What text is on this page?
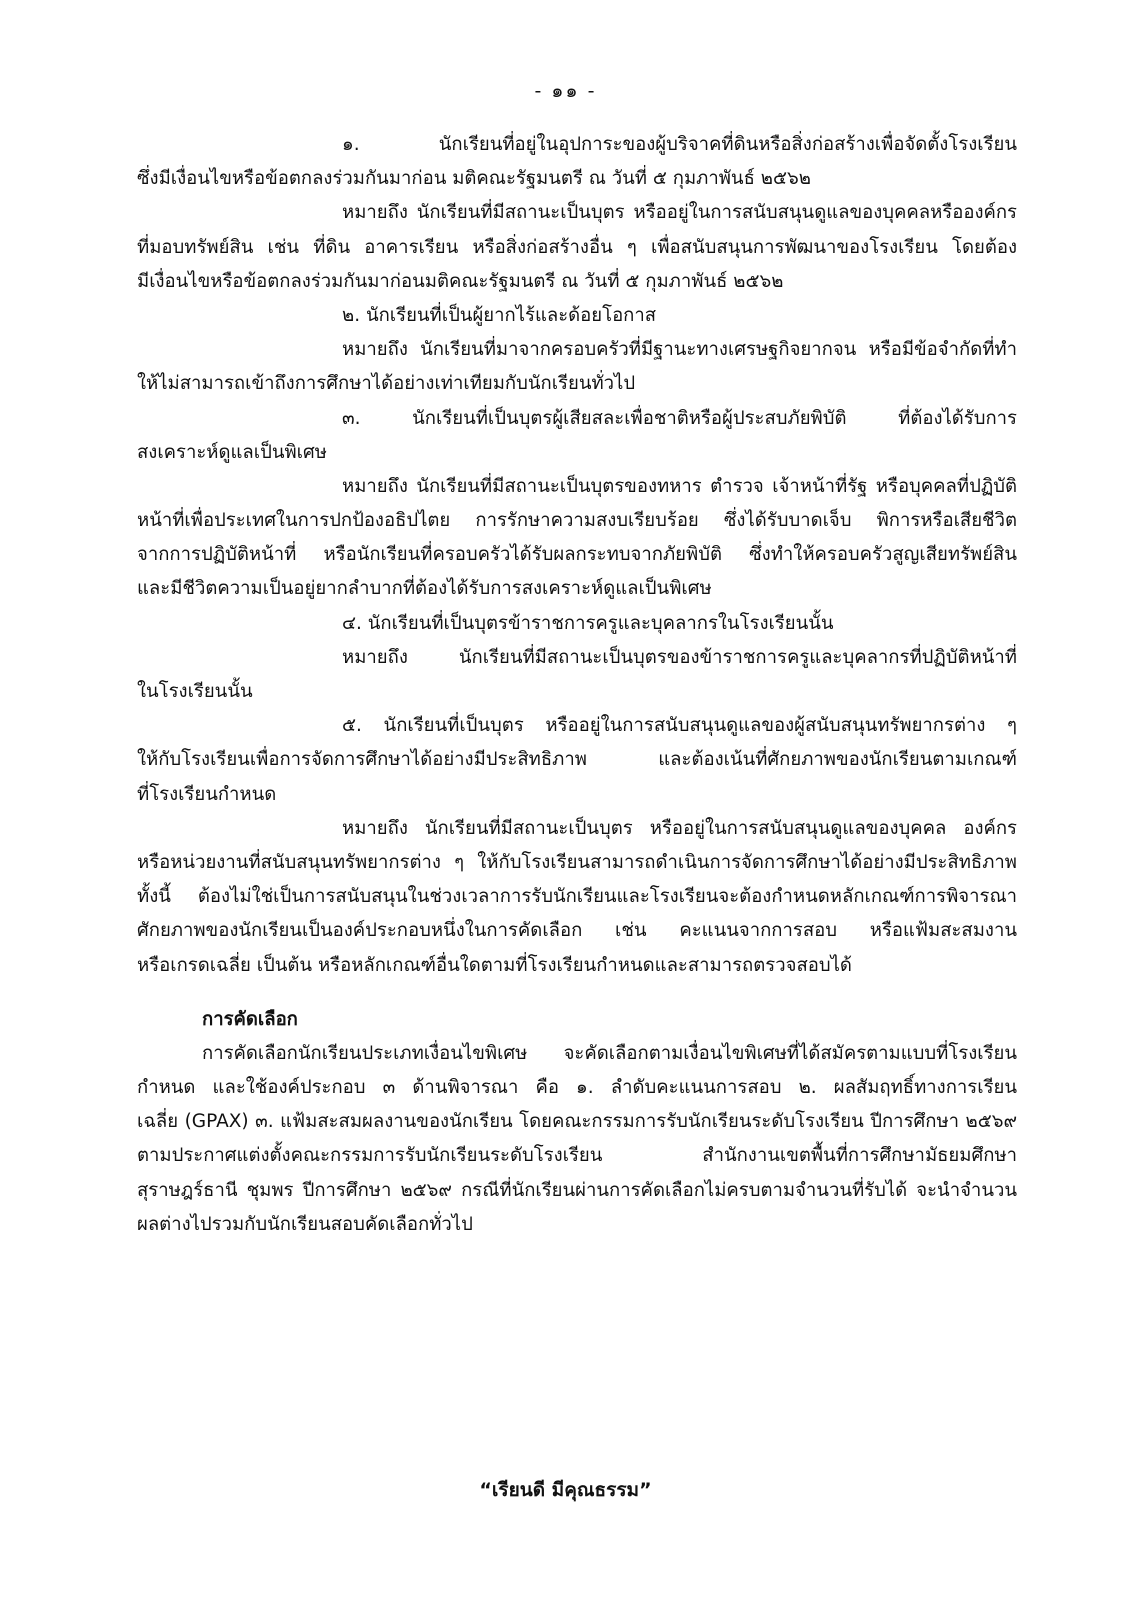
- ๑๑ -
๑. นักเรียนที่อยู่ในอุปการะของผู้บริจาคที่ดินหรือสิ่งก่อสร้างเพื่อจัดตั้งโรงเรียน
ซึ่งมีเงื่อนไขหรือข้อตกลงร่วมกันมาก่อน มติคณะรัฐมนตรี ณ วันที่ ๕ กุมภาพันธ์ ๒๕๖๒
หมายถึง นักเรียนที่มีสถานะเป็นบุตร หรืออยู่ในการสนับสนุนดูแลของบุคคลหรือองค์กร
ที่มอบทรัพย์สิน เช่น ที่ดิน อาคารเรียน หรือสิ่งก่อสร้างอื่น ๆ เพื่อสนับสนุนการพัฒนาของโรงเรียน โดยต้อง
มีเงื่อนไขหรือข้อตกลงร่วมกันมาก่อนมติคณะรัฐมนตรี ณ วันที่ ๕ กุมภาพันธ์ ๒๕๖๒
๒. นักเรียนที่เป็นผู้ยากไร้และด้อยโอกาส
หมายถึง นักเรียนที่มาจากครอบครัวที่มีฐานะทางเศรษฐกิจยากจน หรือมีข้อจำกัดที่ทำ
ให้ไม่สามารถเข้าถึงการศึกษาได้อย่างเท่าเทียมกับนักเรียนทั่วไป
๓. นักเรียนที่เป็นบุตรผู้เสียสละเพื่อชาติหรือผู้ประสบภัยพิบัติ ที่ต้องได้รับการ
สงเคราะห์ดูแลเป็นพิเศษ
หมายถึง นักเรียนที่มีสถานะเป็นบุตรของทหาร ตำรวจ เจ้าหน้าที่รัฐ หรือบุคคลที่ปฏิบัติ
หน้าที่เพื่อประเทศในการปกป้องอธิปไตย การรักษาความสงบเรียบร้อย ซึ่งได้รับบาดเจ็บ พิการหรือเสียชีวิต
จากการปฏิบัติหน้าที่ หรือนักเรียนที่ครอบครัวได้รับผลกระทบจากภัยพิบัติ ซึ่งทำให้ครอบครัวสูญเสียทรัพย์สิน
และมีชีวิตความเป็นอยู่ยากลำบากที่ต้องได้รับการสงเคราะห์ดูแลเป็นพิเศษ
๔. นักเรียนที่เป็นบุตรข้าราชการครูและบุคลากรในโรงเรียนนั้น
หมายถึง นักเรียนที่มีสถานะเป็นบุตรของข้าราชการครูและบุคลากรที่ปฏิบัติหน้าที่
ในโรงเรียนนั้น
๕. นักเรียนที่เป็นบุตร หรืออยู่ในการสนับสนุนดูแลของผู้สนับสนุนทรัพยากรต่าง ๆ
ให้กับโรงเรียนเพื่อการจัดการศึกษาได้อย่างมีประสิทธิภาพ และต้องเน้นที่ศักยภาพของนักเรียนตามเกณฑ์
ที่โรงเรียนกำหนด
หมายถึง นักเรียนที่มีสถานะเป็นบุตร หรืออยู่ในการสนับสนุนดูแลของบุคคล องค์กร
หรือหน่วยงานที่สนับสนุนทรัพยากรต่าง ๆ ให้กับโรงเรียนสามารถดำเนินการจัดการศึกษาได้อย่างมีประสิทธิภาพ
ทั้งนี้ ต้องไม่ใช่เป็นการสนับสนุนในช่วงเวลาการรับนักเรียนและโรงเรียนจะต้องกำหนดหลักเกณฑ์การพิจารณา
ศักยภาพของนักเรียนเป็นองค์ประกอบหนึ่งในการคัดเลือก เช่น คะแนนจากการสอบ หรือแฟ้มสะสมงาน
หรือเกรดเฉลี่ย เป็นต้น หรือหลักเกณฑ์อื่นใดตามที่โรงเรียนกำหนดและสามารถตรวจสอบได้
การคัดเลือก
การคัดเลือกนักเรียนประเภทเงื่อนไขพิเศษ จะคัดเลือกตามเงื่อนไขพิเศษที่ได้สมัครตามแบบที่โรงเรียน
กำหนด และใช้องค์ประกอบ ๓ ด้านพิจารณา คือ ๑. ลำดับคะแนนการสอบ ๒. ผลสัมฤทธิ์ทางการเรียน
เฉลี่ย (GPAX) ๓. แฟ้มสะสมผลงานของนักเรียน โดยคณะกรรมการรับนักเรียนระดับโรงเรียน ปีการศึกษา ๒๕๖๙
ตามประกาศแต่งตั้งคณะกรรมการรับนักเรียนระดับโรงเรียน สำนักงานเขตพื้นที่การศึกษามัธยมศึกษา
สุราษฎร์ธานี ชุมพร ปีการศึกษา ๒๕๖๙ กรณีที่นักเรียนผ่านการคัดเลือกไม่ครบตามจำนวนที่รับได้ จะนำจำนวน
ผลต่างไปรวมกับนักเรียนสอบคัดเลือกทั่วไป
“เรียนดี มีคุณธรรม”
